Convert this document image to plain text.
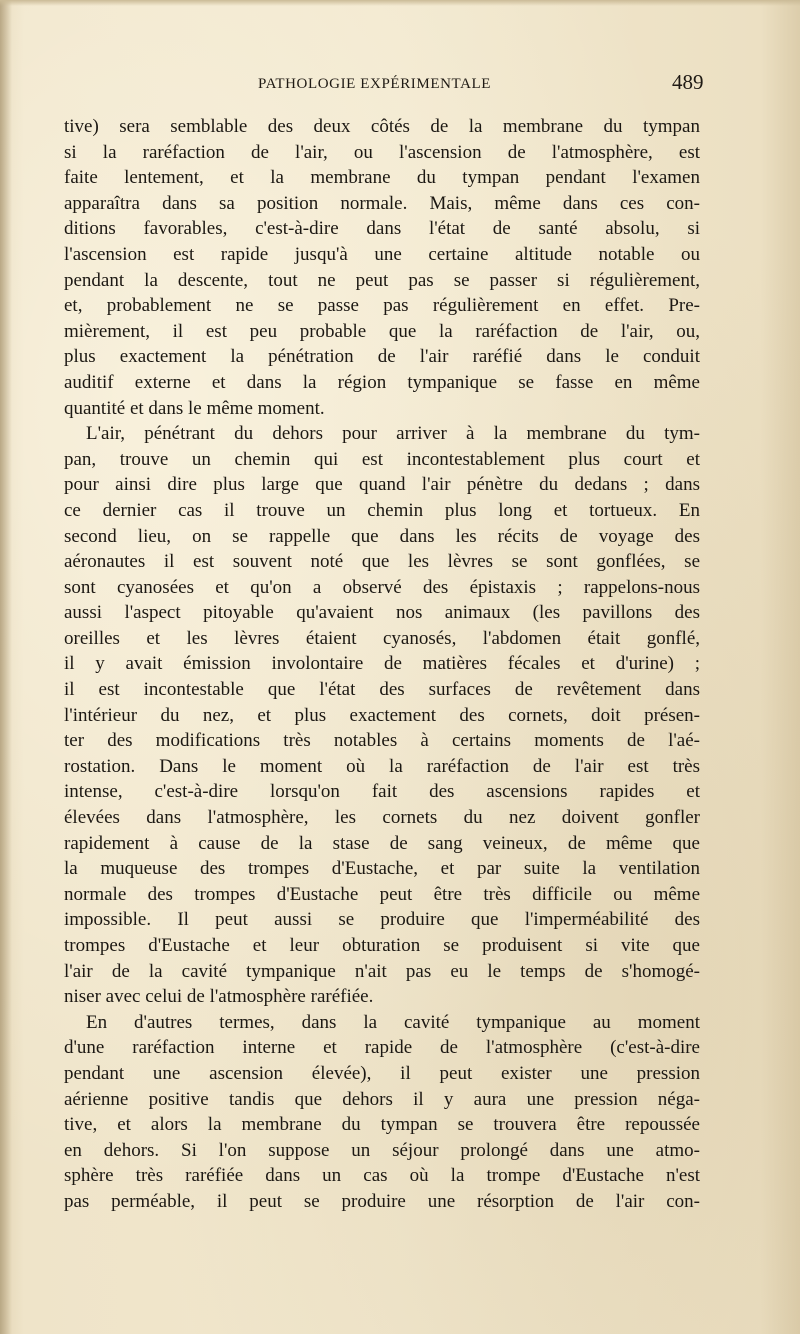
PATHOLOGIE EXPÉRIMENTALE	489
tive) sera semblable des deux côtés de la membrane du tympan
si la raréfaction de l'air, ou l'ascension de l'atmosphère, est
faite lentement, et la membrane du tympan pendant l'examen
apparaîtra dans sa position normale. Mais, même dans ces con-
ditions favorables, c'est-à-dire dans l'état de santé absolu, si
l'ascension est rapide jusqu'à une certaine altitude notable ou
pendant la descente, tout ne peut pas se passer si régulièrement,
et, probablement ne se passe pas régulièrement en effet. Pre-
mièrement, il est peu probable que la raréfaction de l'air, ou,
plus exactement la pénétration de l'air raréfié dans le conduit
auditif externe et dans la région tympanique se fasse en même
quantité et dans le même moment.
L'air, pénétrant du dehors pour arriver à la membrane du tym-
pan, trouve un chemin qui est incontestablement plus court et
pour ainsi dire plus large que quand l'air pénètre du dedans ; dans
ce dernier cas il trouve un chemin plus long et tortueux. En
second lieu, on se rappelle que dans les récits de voyage des
aéronautes il est souvent noté que les lèvres se sont gonflées, se
sont cyanosées et qu'on a observé des épistaxis ; rappelons-nous
aussi l'aspect pitoyable qu'avaient nos animaux (les pavillons des
oreilles et les lèvres étaient cyanosés, l'abdomen était gonflé,
il y avait émission involontaire de matières fécales et d'urine) ;
il est incontestable que l'état des surfaces de revêtement dans
l'intérieur du nez, et plus exactement des cornets, doit présen-
ter des modifications très notables à certains moments de l'aé-
rostation. Dans le moment où la raréfaction de l'air est très
intense, c'est-à-dire lorsqu'on fait des ascensions rapides et
élevées dans l'atmosphère, les cornets du nez doivent gonfler
rapidement à cause de la stase de sang veineux, de même que
la muqueuse des trompes d'Eustache, et par suite la ventilation
normale des trompes d'Eustache peut être très difficile ou même
impossible. Il peut aussi se produire que l'imperméabilité des
trompes d'Eustache et leur obturation se produisent si vite que
l'air de la cavité tympanique n'ait pas eu le temps de s'homogé-
niser avec celui de l'atmosphère raréfiée.
En d'autres termes, dans la cavité tympanique au moment
d'une raréfaction interne et rapide de l'atmosphère (c'est-à-dire
pendant une ascension élevée), il peut exister une pression
aérienne positive tandis que dehors il y aura une pression néga-
tive, et alors la membrane du tympan se trouvera être repoussée
en dehors. Si l'on suppose un séjour prolongé dans une atmo-
sphère très raréfiée dans un cas où la trompe d'Eustache n'est
pas perméable, il peut se produire une résorption de l'air con-
